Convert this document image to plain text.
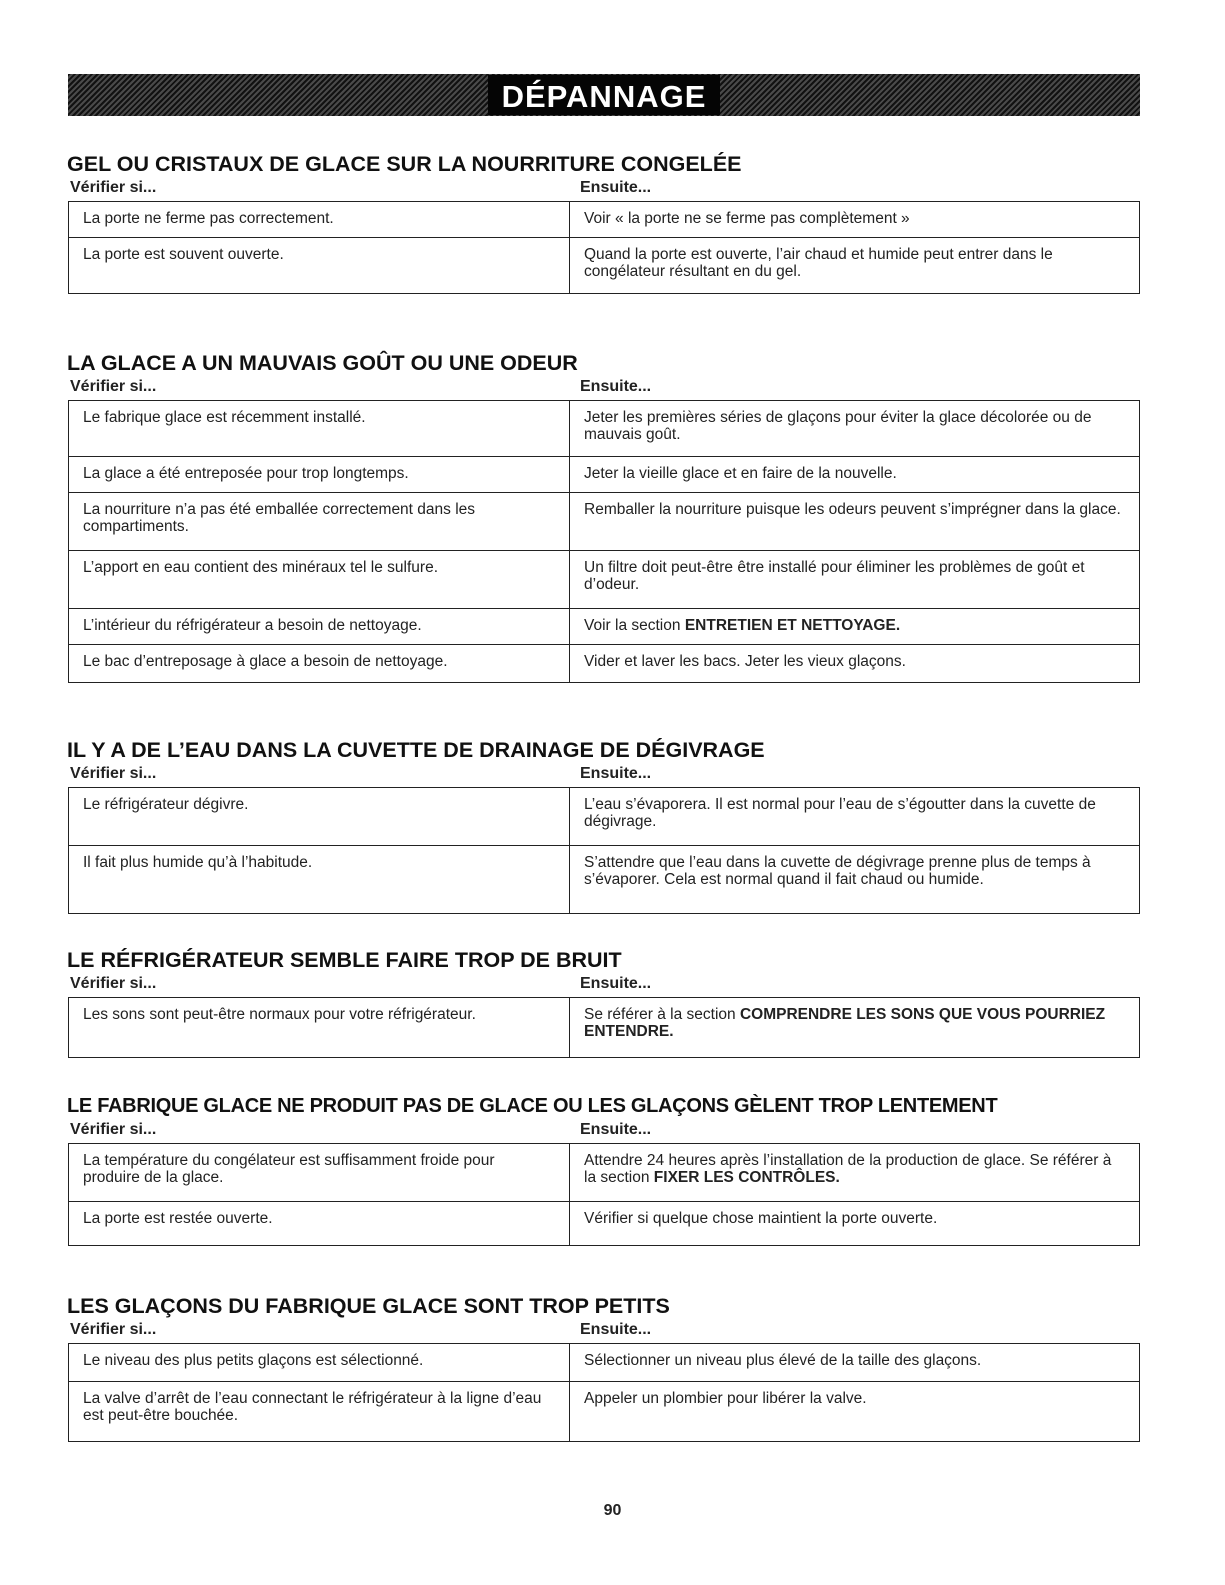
DÉPANNAGE
GEL OU CRISTAUX DE GLACE SUR LA NOURRITURE CONGELÉE
Vérifier si...	Ensuite...
La porte ne ferme pas correctement.	Voir « la porte ne se ferme pas complètement »
La porte est souvent ouverte.	Quand la porte est ouverte, l’air chaud et humide peut entrer dans le congélateur résultant en du gel.
LA GLACE A UN MAUVAIS GOÛT OU UNE ODEUR
Vérifier si...	Ensuite...
Le fabrique glace est récemment installé.	Jeter les premières séries de glaçons pour éviter la glace décolorée ou de mauvais goût.
La glace a été entreposée pour trop longtemps.	Jeter la vieille glace et en faire de la nouvelle.
La nourriture n’a pas été emballée correctement dans les compartiments.	Remballer la nourriture puisque les odeurs peuvent s’imprégner dans la glace.
L’apport en eau contient des minéraux tel le sulfure.	Un filtre doit peut-être être installé pour éliminer les problèmes de goût et d’odeur.
L’intérieur du réfrigérateur a besoin de nettoyage.	Voir la section ENTRETIEN ET NETTOYAGE.
Le bac d’entreposage à glace a besoin de nettoyage.	Vider et laver les bacs. Jeter les vieux glaçons.
IL Y A DE L’EAU DANS LA CUVETTE DE DRAINAGE DE DÉGIVRAGE
Vérifier si...	Ensuite...
Le réfrigérateur dégivre.	L’eau s’évaporera. Il est normal pour l’eau de s’égoutter dans la cuvette de dégivrage.
Il fait plus humide qu’à l’habitude.	S’attendre que l’eau dans la cuvette de dégivrage prenne plus de temps à s’évaporer. Cela est normal quand il fait chaud ou humide.
LE RÉFRIGÉRATEUR SEMBLE FAIRE TROP DE BRUIT
Vérifier si...	Ensuite...
Les sons sont peut-être normaux pour votre réfrigérateur.	Se référer à la section COMPRENDRE LES SONS QUE VOUS POURRIEZ ENTENDRE.
LE FABRIQUE GLACE NE PRODUIT PAS DE GLACE OU LES GLAÇONS GÈLENT TROP LENTEMENT
Vérifier si...	Ensuite...
La température du congélateur est suffisamment froide pour produire de la glace.	Attendre 24 heures après l’installation de la production de glace. Se référer à la section FIXER LES CONTRÔLES.
La porte est restée ouverte.	Vérifier si quelque chose maintient la porte ouverte.
LES GLAÇONS DU FABRIQUE GLACE SONT TROP PETITS
Vérifier si...	Ensuite...
Le niveau des plus petits glaçons est sélectionné.	Sélectionner un niveau plus élevé de la taille des glaçons.
La valve d’arrêt de l’eau connectant le réfrigérateur à la ligne d’eau est peut-être bouchée.	Appeler un plombier pour libérer la valve.
90
